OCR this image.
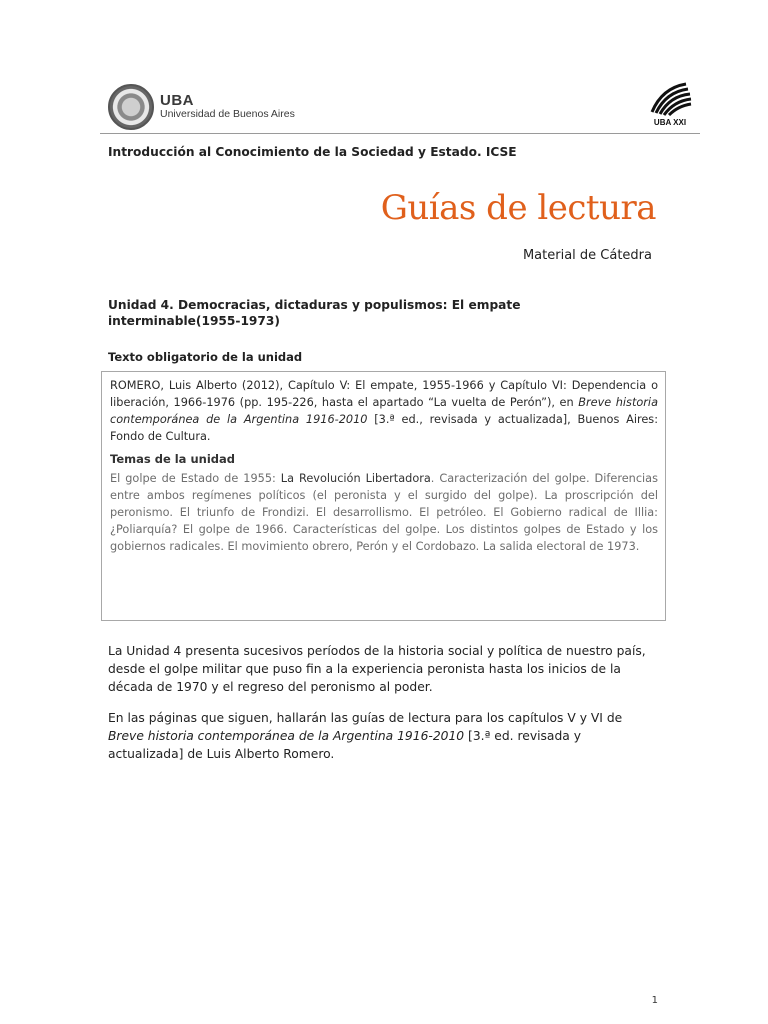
UBA
Universidad de Buenos Aires
UBA XXI
Introducción al Conocimiento de la Sociedad y Estado. ICSE
Guías de lectura
Material de Cátedra
Unidad 4. Democracias, dictaduras y populismos: El empate interminable(1955-1973)
Texto obligatorio de la unidad
ROMERO, Luis Alberto (2012), Capítulo V: El empate, 1955-1966 y Capítulo VI: Dependencia o liberación, 1966-1976 (pp. 195-226, hasta el apartado “La vuelta de Perón”), en Breve historia contemporánea de la Argentina 1916-2010 [3.ª ed., revisada y actualizada], Buenos Aires: Fondo de Cultura.
Temas de la unidad
El golpe de Estado de 1955: La Revolución Libertadora. Caracterización del golpe. Diferencias entre ambos regímenes políticos (el peronista y el surgido del golpe). La proscripción del peronismo. El triunfo de Frondizi. El desarrollismo. El petróleo. El Gobierno radical de Illia: ¿Poliarquía? El golpe de 1966. Características del golpe. Los distintos golpes de Estado y los gobiernos radicales. El movimiento obrero, Perón y el Cordobazo. La salida electoral de 1973.
La Unidad 4 presenta sucesivos períodos de la historia social y política de nuestro país, desde el golpe militar que puso fin a la experiencia peronista hasta los inicios de la década de 1970 y el regreso del peronismo al poder.
En las páginas que siguen, hallarán las guías de lectura para los capítulos V y VI de Breve historia contemporánea de la Argentina 1916-2010 [3.ª ed. revisada y actualizada] de Luis Alberto Romero.
1
